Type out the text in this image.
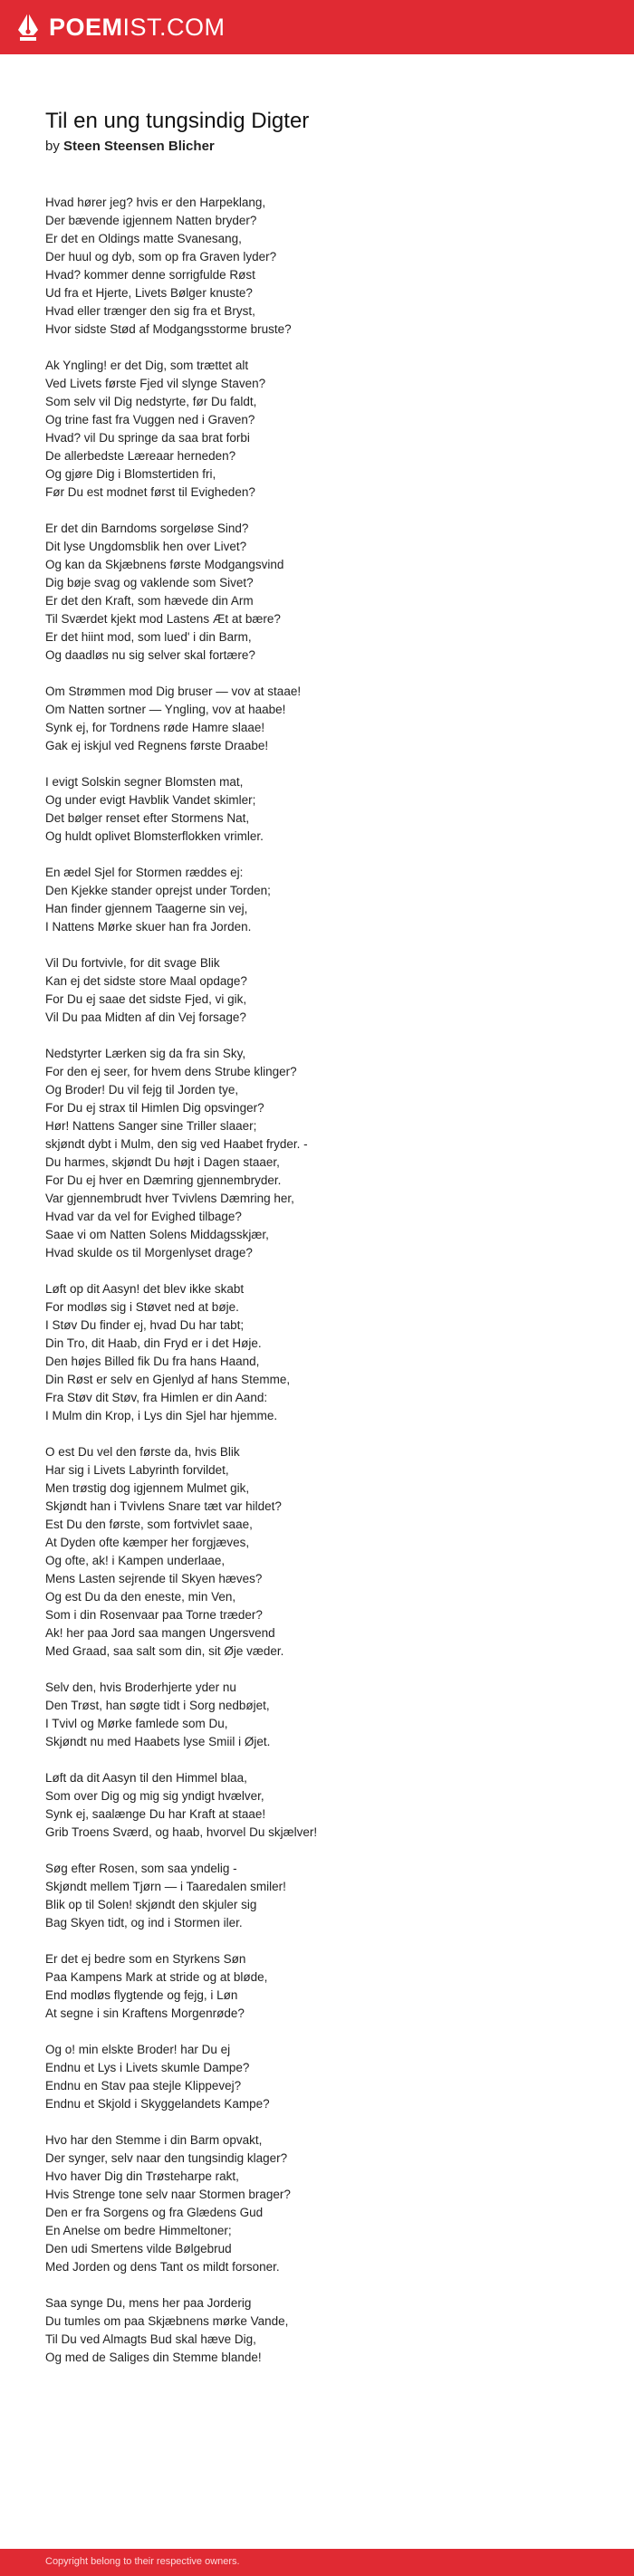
POEMIST.COM
Til en ung tungsindig Digter
by Steen Steensen Blicher
Hvad hører jeg? hvis er den Harpeklang,
Der bævende igjennem Natten bryder?
Er det en Oldings matte Svanesang,
Der huul og dyb, som op fra Graven lyder?
Hvad? kommer denne sorrigfulde Røst
Ud fra et Hjerte, Livets Bølger knuste?
Hvad eller trænger den sig fra et Bryst,
Hvor sidste Stød af Modgangsstorme bruste?
Ak Yngling! er det Dig, som trættet alt
Ved Livets første Fjed vil slynge Staven?
Som selv vil Dig nedstyrte, før Du faldt,
Og trine fast fra Vuggen ned i Graven?
Hvad? vil Du springe da saa brat forbi
De allerbedste Læreaar herneden?
Og gjøre Dig i Blomstertiden fri,
Før Du est modnet først til Evigheden?
Er det din Barndoms sorgeløse Sind?
Dit lyse Ungdomsblik hen over Livet?
Og kan da Skjæbnens første Modgangsvind
Dig bøje svag og vaklende som Sivet?
Er det den Kraft, som hævede din Arm
Til Sværdet kjekt mod Lastens Æt at bære?
Er det hiint mod, som lued' i din Barm,
Og daadløs nu sig selver skal fortære?
Om Strømmen mod Dig bruser — vov at staae!
Om Natten sortner — Yngling, vov at haabe!
Synk ej, for Tordnens røde Hamre slaae!
Gak ej iskjul ved Regnens første Draabe!
I evigt Solskin segner Blomsten mat,
Og under evigt Havblik Vandet skimler;
Det bølger renset efter Stormens Nat,
Og huldt oplivet Blomsterflokken vrimler.
En ædel Sjel for Stormen ræddes ej:
Den Kjekke stander oprejst under Torden;
Han finder gjennem Taagerne sin vej,
I Nattens Mørke skuer han fra Jorden.
Vil Du fortvivle, for dit svage Blik
Kan ej det sidste store Maal opdage?
For Du ej saae det sidste Fjed, vi gik,
Vil Du paa Midten af din Vej forsage?
Nedstyrter Lærken sig da fra sin Sky,
For den ej seer, for hvem dens Strube klinger?
Og Broder! Du vil fejg til Jorden tye,
For Du ej strax til Himlen Dig opsvinger?
Hør! Nattens Sanger sine Triller slaaer;
skjøndt dybt i Mulm, den sig ved Haabet fryder. -
Du harmes, skjøndt Du højt i Dagen staaer,
For Du ej hver en Dæmring gjennembryder.
Var gjennembrudt hver Tvivlens Dæmring her,
Hvad var da vel for Evighed tilbage?
Saae vi om Natten Solens Middagsskjær,
Hvad skulde os til Morgenlyset drage?
Løft op dit Aasyn! det blev ikke skabt
For modløs sig i Støvet ned at bøje.
I Støv Du finder ej, hvad Du har tabt;
Din Tro, dit Haab, din Fryd er i det Høje.
Den højes Billed fik Du fra hans Haand,
Din Røst er selv en Gjenlyd af hans Stemme,
Fra Støv dit Støv, fra Himlen er din Aand:
I Mulm din Krop, i Lys din Sjel har hjemme.
O est Du vel den første da, hvis Blik
Har sig i Livets Labyrinth forvildet,
Men trøstig dog igjennem Mulmet gik,
Skjøndt han i Tvivlens Snare tæt var hildet?
Est Du den første, som fortvivlet saae,
At Dyden ofte kæmper her forgjæves,
Og ofte, ak! i Kampen underlaae,
Mens Lasten sejrende til Skyen hæves?
Og est Du da den eneste, min Ven,
Som i din Rosenvaar paa Torne træder?
Ak! her paa Jord saa mangen Ungersvend
Med Graad, saa salt som din, sit Øje væder.
Selv den, hvis Broderhjerte yder nu
Den Trøst, han søgte tidt i Sorg nedbøjet,
I Tvivl og Mørke famlede som Du,
Skjøndt nu med Haabets lyse Smiil i Øjet.
Løft da dit Aasyn til den Himmel blaa,
Som over Dig og mig sig yndigt hvælver,
Synk ej, saalænge Du har Kraft at staae!
Grib Troens Sværd, og haab, hvorvel Du skjælver!
Søg efter Rosen, som saa yndelig -
Skjøndt mellem Tjørn — i Taaredalen smiler!
Blik op til Solen! skjøndt den skjuler sig
Bag Skyen tidt, og ind i Stormen iler.
Er det ej bedre som en Styrkens Søn
Paa Kampens Mark at stride og at bløde,
End modløs flygtende og fejg, i Løn
At segne i sin Kraftens Morgenrøde?
Og o! min elskte Broder! har Du ej
Endnu et Lys i Livets skumle Dampe?
Endnu en Stav paa stejle Klippevej?
Endnu et Skjold i Skyggelandets Kampe?
Hvo har den Stemme i din Barm opvakt,
Der synger, selv naar den tungsindig klager?
Hvo haver Dig din Trøsteharpe rakt,
Hvis Strenge tone selv naar Stormen brager?
Den er fra Sorgens og fra Glædens Gud
En Anelse om bedre Himmeltoner;
Den udi Smertens vilde Bølgebrud
Med Jorden og dens Tant os mildt forsoner.
Saa synge Du, mens her paa Jorderig
Du tumles om paa Skjæbnens mørke Vande,
Til Du ved Almagts Bud skal hæve Dig,
Og med de Saliges din Stemme blande!
Copyright belong to their respective owners.
